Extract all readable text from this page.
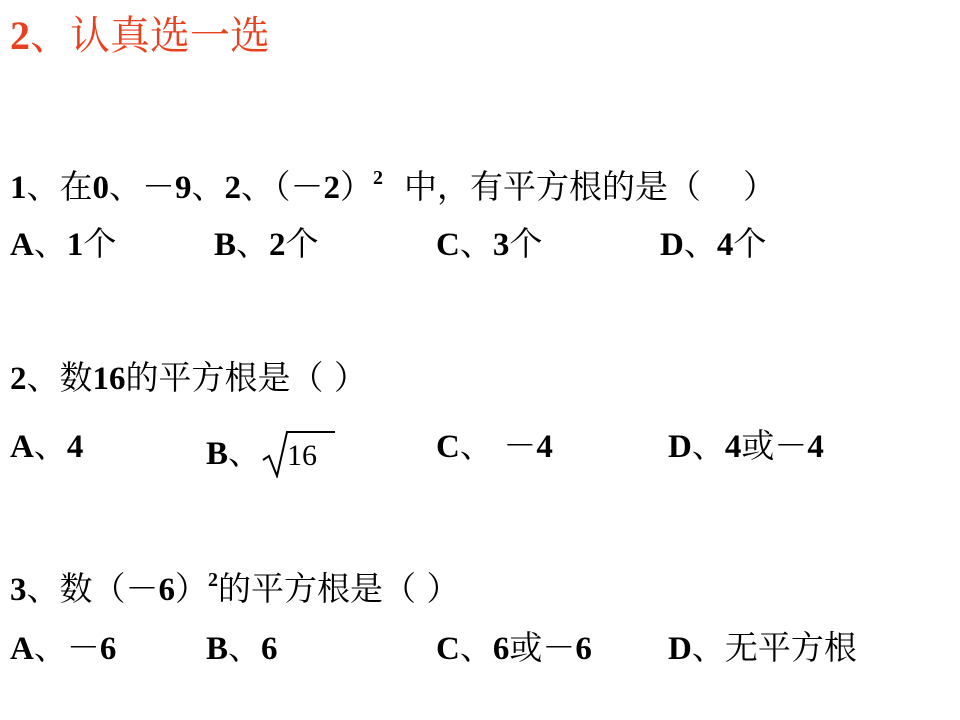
2、认真选一选
1、在0、－9、2、$(-2)^2$  中，有平方根的是（    ）
A、1个	B、2个	C、3个	D、4个
2、数16的平方根是（ ）
A、4	B、 16	C、 －4	D、4或－4
3、数$(-6)^2$的平方根是（ ）
A、－6	B、6	C、6或－6 D、无平方根
